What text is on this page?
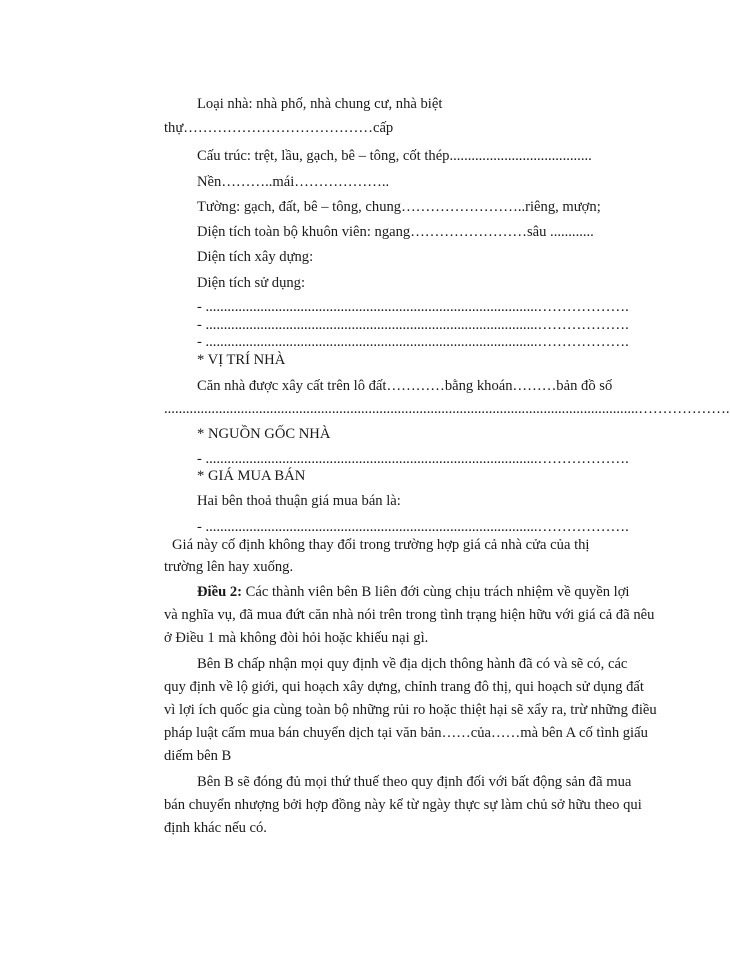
Loại nhà: nhà phố, nhà chung cư, nhà biệt
thự…………………………………cấp
Cấu trúc: trệt, lầu, gạch, bê – tông, cốt thép.......................................
Nền………..mái………………..
Tường: gạch, đất, bê – tông, chung……………………..riêng, mượn;
Diện tích toàn bộ khuôn viên: ngang……………………sâu ............
Diện tích xây dựng:
Diện tích sử dụng:
- ...........................................................................................……………….
- ...........................................................................................……………….
- ...........................................................................................……………….
* VỊ TRÍ NHÀ
Căn nhà được xây cất trên lô đất…………bằng khoán………bản đồ số
..................................................................................................................................……………….
* NGUỒN GỐC NHÀ
- ...........................................................................................……………….
* GIÁ MUA BÁN
Hai bên thoả thuận giá mua bán là:
- ...........................................................................................……………….
Giá này cố định không thay đổi trong trường hợp giá cả nhà cửa của thị
trường lên hay xuống.
Điều 2: Các thành viên bên B liên đới cùng chịu trách nhiệm về quyền lợi
và nghĩa vụ, đã mua đứt căn nhà nói trên trong tình trạng hiện hữu với giá cả đã nêu
ở Điều 1 mà không đòi hỏi hoặc khiếu nại gì.
Bên B chấp nhận mọi quy định về địa dịch thông hành đã có và sẽ có, các
quy định về lộ giới, qui hoạch xây dựng, chỉnh trang đô thị, qui hoạch sử dụng đất
vì lợi ích quốc gia cùng toàn bộ những rủi ro hoặc thiệt hại sẽ xẩy ra, trừ những điều
pháp luật cấm mua bán chuyển dịch tại văn bản……của……mà bên A cố tình giấu
diếm bên B
Bên B sẽ đóng đủ mọi thứ thuế theo quy định đối với bất động sản đã mua
bán chuyển nhượng bởi hợp đồng này kể từ ngày thực sự làm chủ sở hữu theo qui
định khác nếu có.
